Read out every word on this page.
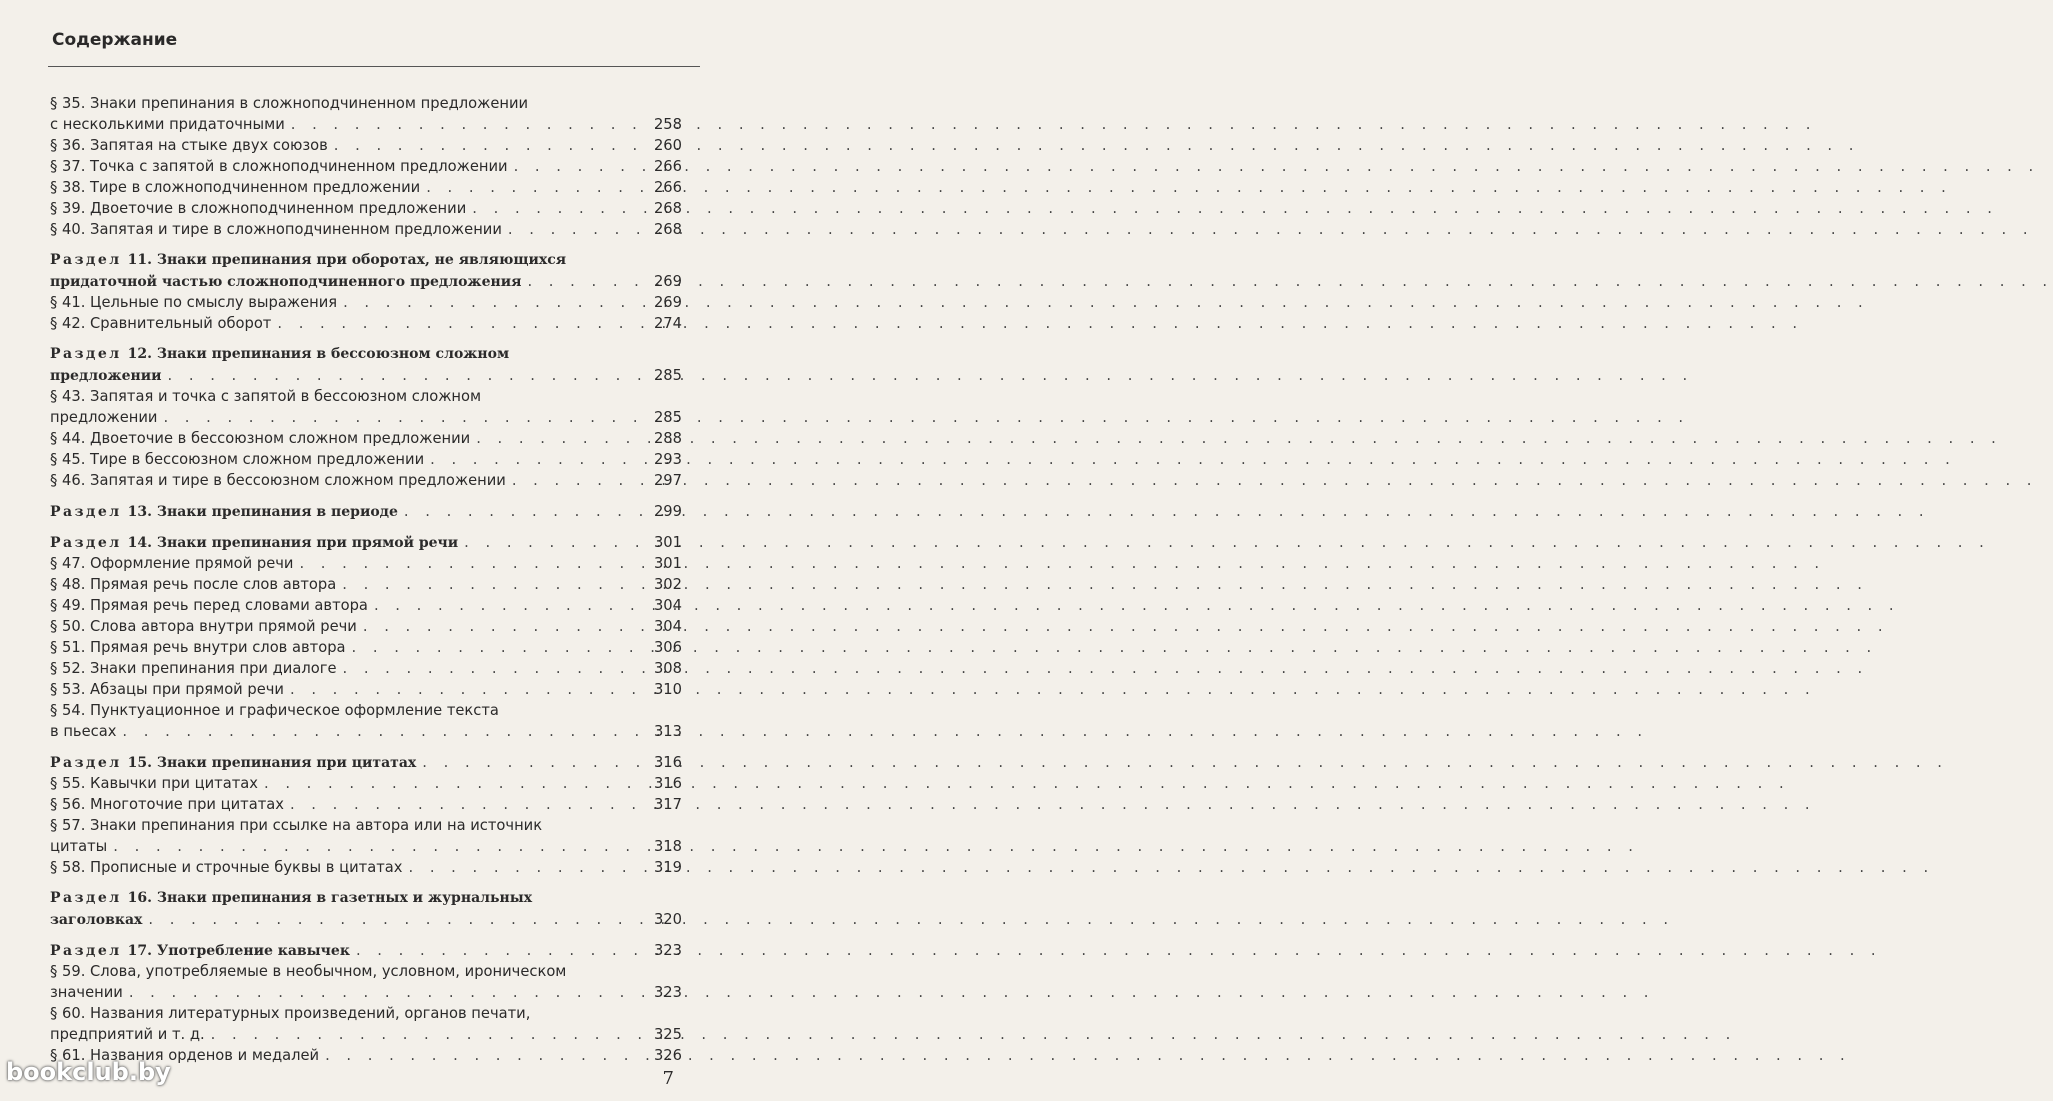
Содержание
§ 35. Знаки препинания в сложноподчиненном предложении
с несколькими придаточными . . .	258
§ 36. Запятая на стыке двух союзов . . .	260
§ 37. Точка с запятой в сложноподчиненном предложении . . .	266
§ 38. Тире в сложноподчиненном предложении . . .	266
§ 39. Двоеточие в сложноподчиненном предложении . . .	268
§ 40. Запятая и тире в сложноподчиненном предложении . . .	268
Раздел 11. Знаки препинания при оборотах, не являющихся
придаточной частью сложноподчиненного предложения . . .	269
§ 41. Цельные по смыслу выражения . . .	269
§ 42. Сравнительный оборот . . .	274
Раздел 12. Знаки препинания в бессоюзном сложном
предложении . . .	285
§ 43. Запятая и точка с запятой в бессоюзном сложном
предложении . . .	285
§ 44. Двоеточие в бессоюзном сложном предложении . . .	288
§ 45. Тире в бессоюзном сложном предложении . . .	293
§ 46. Запятая и тире в бессоюзном сложном предложении . . .	297
Раздел 13. Знаки препинания в периоде . . .	299
Раздел 14. Знаки препинания при прямой речи . . .	301
§ 47. Оформление прямой речи . . .	301
§ 48. Прямая речь после слов автора . . .	302
§ 49. Прямая речь перед словами автора . . .	304
§ 50. Слова автора внутри прямой речи . . .	304
§ 51. Прямая речь внутри слов автора . . .	306
§ 52. Знаки препинания при диалоге . . .	308
§ 53. Абзацы при прямой речи . . .	310
§ 54. Пунктуационное и графическое оформление текста
в пьесах . . .	313
Раздел 15. Знаки препинания при цитатах . . .	316
§ 55. Кавычки при цитатах . . .	316
§ 56. Многоточие при цитатах . . .	317
§ 57. Знаки препинания при ссылке на автора или на источник
цитаты . . .	318
§ 58. Прописные и строчные буквы в цитатах . . .	319
Раздел 16. Знаки препинания в газетных и журнальных
заголовках . . .	320
Раздел 17. Употребление кавычек . . .	323
§ 59. Слова, употребляемые в необычном, условном, ироническом
значении . . .	323
§ 60. Названия литературных произведений, органов печати,
предприятий и т. д. . . .	325
§ 61. Названия орденов и медалей . . .	326
7
bookclub.by
